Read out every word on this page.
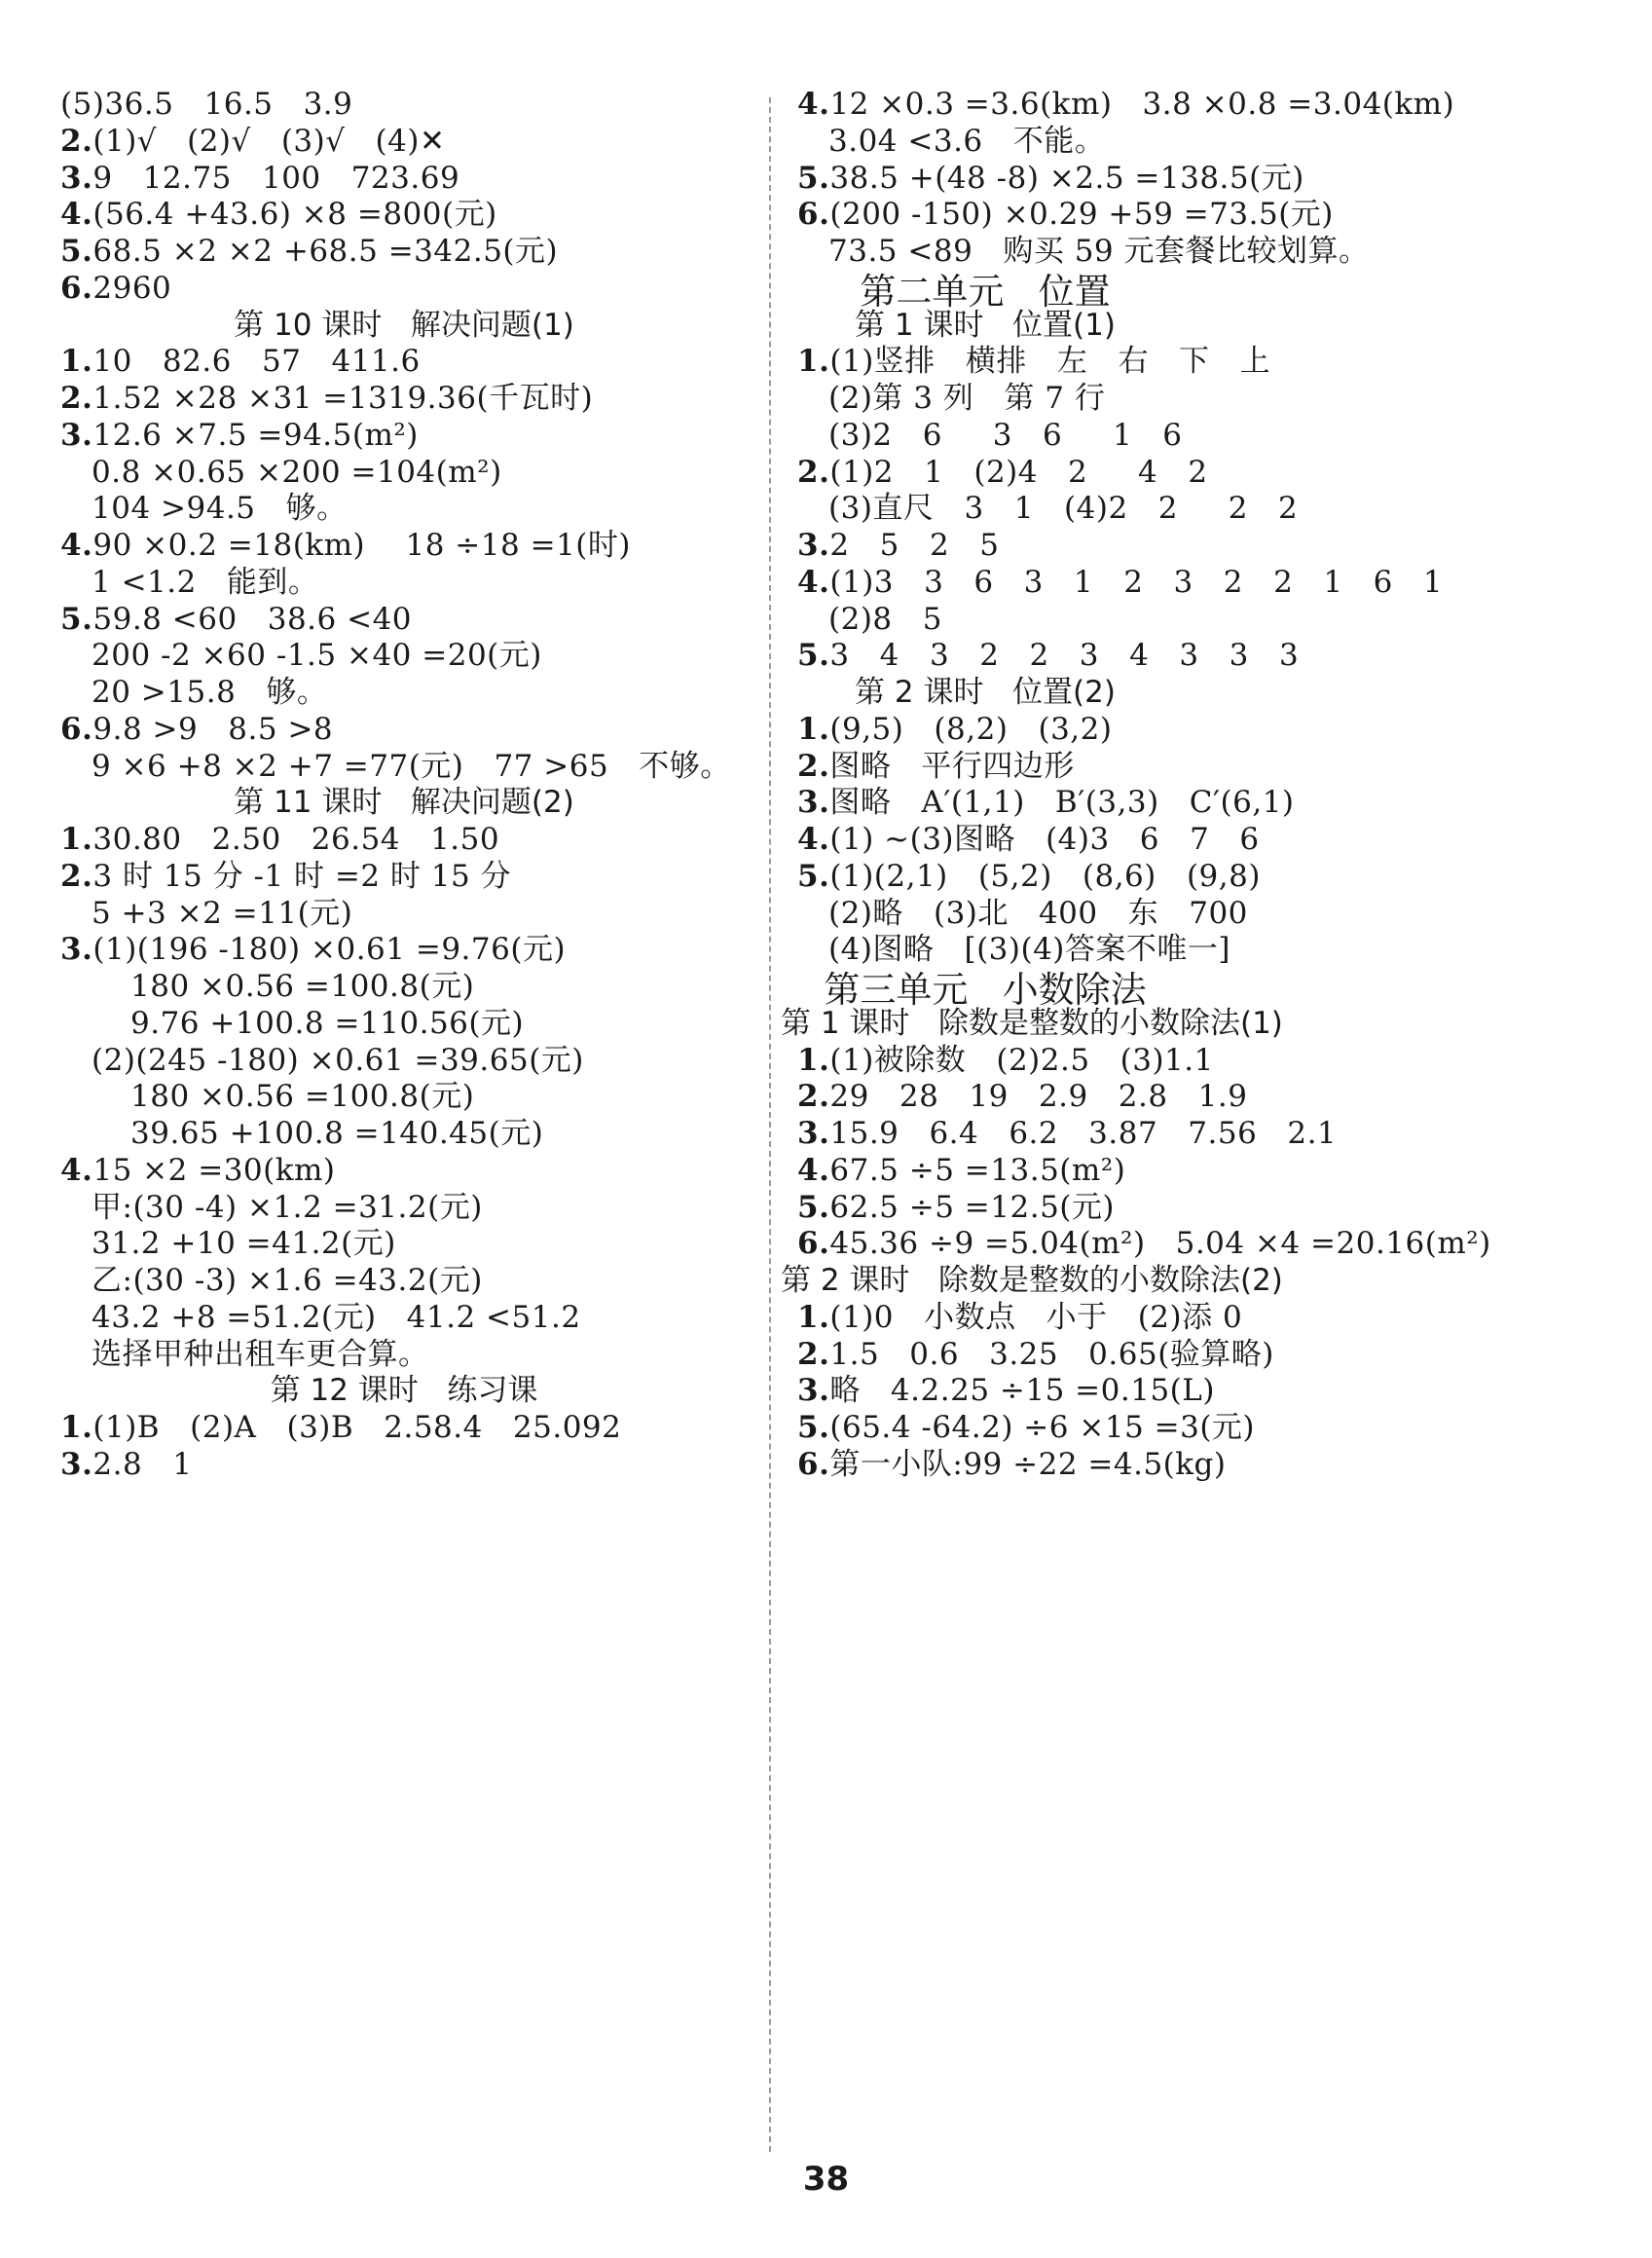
(5)36.5   16.5   3.9
2.(1)√   (2)√   (3)√   (4)✕
3.9   12.75   100   723.69
4.(56.4 +43.6) ×8 =800(元)
5.68.5 ×2 ×2 +68.5 =342.5(元)
6.2960
第 10 课时   解决问题(1)
1.10   82.6   57   411.6
2.1.52 ×28 ×31 =1319.36(千瓦时)
3.12.6 ×7.5 =94.5(m²)
0.8 ×0.65 ×200 =104(m²)
104 >94.5   够。
4.90 ×0.2 =18(km)    18 ÷18 =1(时)
1 <1.2   能到。
5.59.8 <60   38.6 <40
200 -2 ×60 -1.5 ×40 =20(元)
20 >15.8   够。
6.9.8 >9   8.5 >8
9 ×6 +8 ×2 +7 =77(元)   77 >65   不够。
第 11 课时   解决问题(2)
1.30.80   2.50   26.54   1.50
2.3 时 15 分 -1 时 =2 时 15 分
5 +3 ×2 =11(元)
3.(1)(196 -180) ×0.61 =9.76(元)
180 ×0.56 =100.8(元)
9.76 +100.8 =110.56(元)
(2)(245 -180) ×0.61 =39.65(元)
180 ×0.56 =100.8(元)
39.65 +100.8 =140.45(元)
4.15 ×2 =30(km)
甲:(30 -4) ×1.2 =31.2(元)
31.2 +10 =41.2(元)
乙:(30 -3) ×1.6 =43.2(元)
43.2 +8 =51.2(元)   41.2 <51.2
选择甲种出租车更合算。
第 12 课时   练习课
1.(1)B   (2)A   (3)B   2.58.4   25.092
3.2.8   1
4.12 ×0.3 =3.6(km)   3.8 ×0.8 =3.04(km)
3.04 <3.6   不能。
5.38.5 +(48 -8) ×2.5 =138.5(元)
6.(200 -150) ×0.29 +59 =73.5(元)
73.5 <89   购买 59 元套餐比较划算。
第二单元   位置
第 1 课时   位置(1)
1.(1)竖排   横排   左   右   下   上
(2)第 3 列   第 7 行
(3)2   6     3   6     1   6
2.(1)2   1   (2)4   2     4   2
(3)直尺   3   1   (4)2   2     2   2
3.2   5   2   5
4.(1)3   3   6   3   1   2   3   2   2   1   6   1
(2)8   5
5.3   4   3   2   2   3   4   3   3   3
第 2 课时   位置(2)
1.(9,5)   (8,2)   (3,2)
2.图略   平行四边形
3.图略   A′(1,1)   B′(3,3)   C′(6,1)
4.(1) ~(3)图略   (4)3   6   7   6
5.(1)(2,1)   (5,2)   (8,6)   (9,8)
(2)略   (3)北   400   东   700
(4)图略   [(3)(4)答案不唯一]
第三单元   小数除法
第 1 课时   除数是整数的小数除法(1)
1.(1)被除数   (2)2.5   (3)1.1
2.29   28   19   2.9   2.8   1.9
3.15.9   6.4   6.2   3.87   7.56   2.1
4.67.5 ÷5 =13.5(m²)
5.62.5 ÷5 =12.5(元)
6.45.36 ÷9 =5.04(m²)   5.04 ×4 =20.16(m²)
第 2 课时   除数是整数的小数除法(2)
1.(1)0   小数点   小于   (2)添 0
2.1.5   0.6   3.25   0.65(验算略)
3.略   4.2.25 ÷15 =0.15(L)
5.(65.4 -64.2) ÷6 ×15 =3(元)
6.第一小队:99 ÷22 =4.5(kg)
38
